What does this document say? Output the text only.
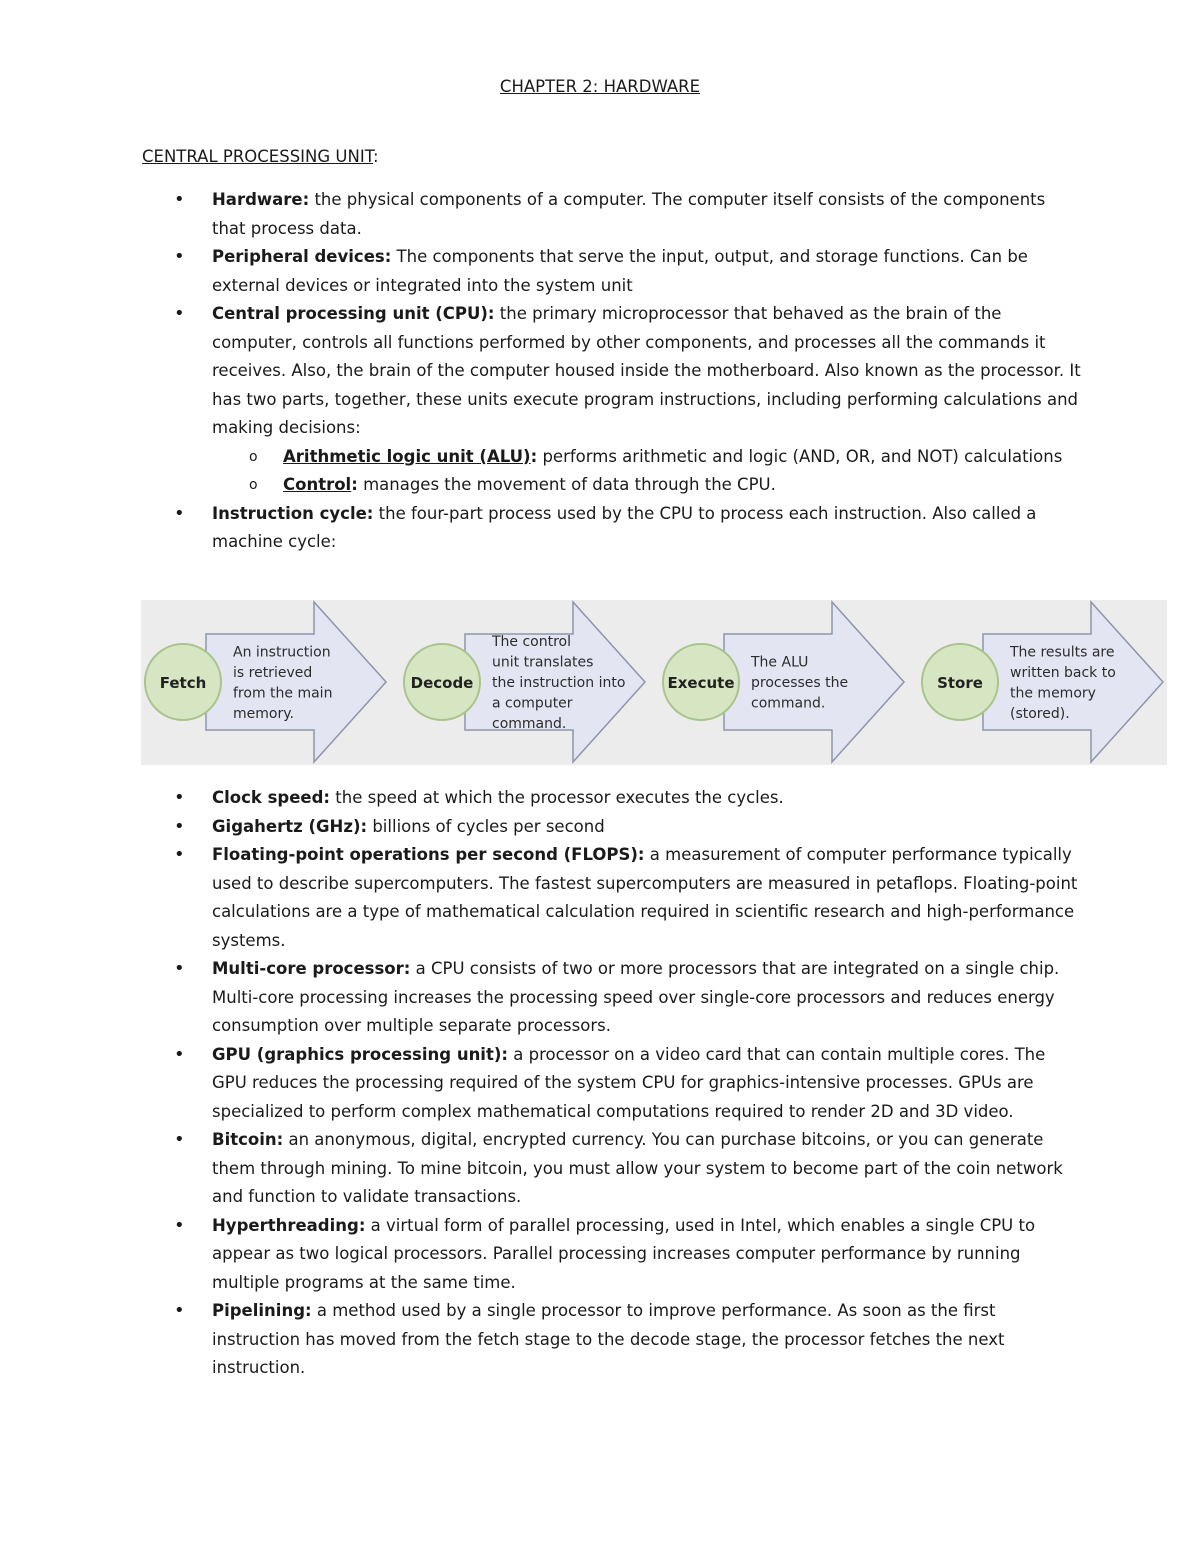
CHAPTER 2: HARDWARE
CENTRAL PROCESSING UNIT:
• Hardware: the physical components of a computer. The computer itself consists of the components that process data.
• Peripheral devices: The components that serve the input, output, and storage functions. Can be external devices or integrated into the system unit
• Central processing unit (CPU): the primary microprocessor that behaved as the brain of the computer, controls all functions performed by other components, and processes all the commands it receives. Also, the brain of the computer housed inside the motherboard. Also known as the processor. It has two parts, together, these units execute program instructions, including performing calculations and making decisions:
o Arithmetic logic unit (ALU): performs arithmetic and logic (AND, OR, and NOT) calculations
o Control: manages the movement of data through the CPU.
• Instruction cycle: the four-part process used by the CPU to process each instruction. Also called a machine cycle:
Fetch
An instruction
is retrieved
from the main
memory.
Decode
The control
unit translates
the instruction into
a computer
command.
Execute
The ALU
processes the
command.
Store
The results are
written back to
the memory
(stored).
• Clock speed: the speed at which the processor executes the cycles.
• Gigahertz (GHz): billions of cycles per second
• Floating-point operations per second (FLOPS): a measurement of computer performance typically used to describe supercomputers. The fastest supercomputers are measured in petaflops. Floating-point calculations are a type of mathematical calculation required in scientific research and high-performance systems.
• Multi-core processor: a CPU consists of two or more processors that are integrated on a single chip. Multi-core processing increases the processing speed over single-core processors and reduces energy consumption over multiple separate processors.
• GPU (graphics processing unit): a processor on a video card that can contain multiple cores. The GPU reduces the processing required of the system CPU for graphics-intensive processes. GPUs are specialized to perform complex mathematical computations required to render 2D and 3D video.
• Bitcoin: an anonymous, digital, encrypted currency. You can purchase bitcoins, or you can generate them through mining. To mine bitcoin, you must allow your system to become part of the coin network and function to validate transactions.
• Hyperthreading: a virtual form of parallel processing, used in Intel, which enables a single CPU to appear as two logical processors. Parallel processing increases computer performance by running multiple programs at the same time.
• Pipelining: a method used by a single processor to improve performance. As soon as the first instruction has moved from the fetch stage to the decode stage, the processor fetches the next instruction.
